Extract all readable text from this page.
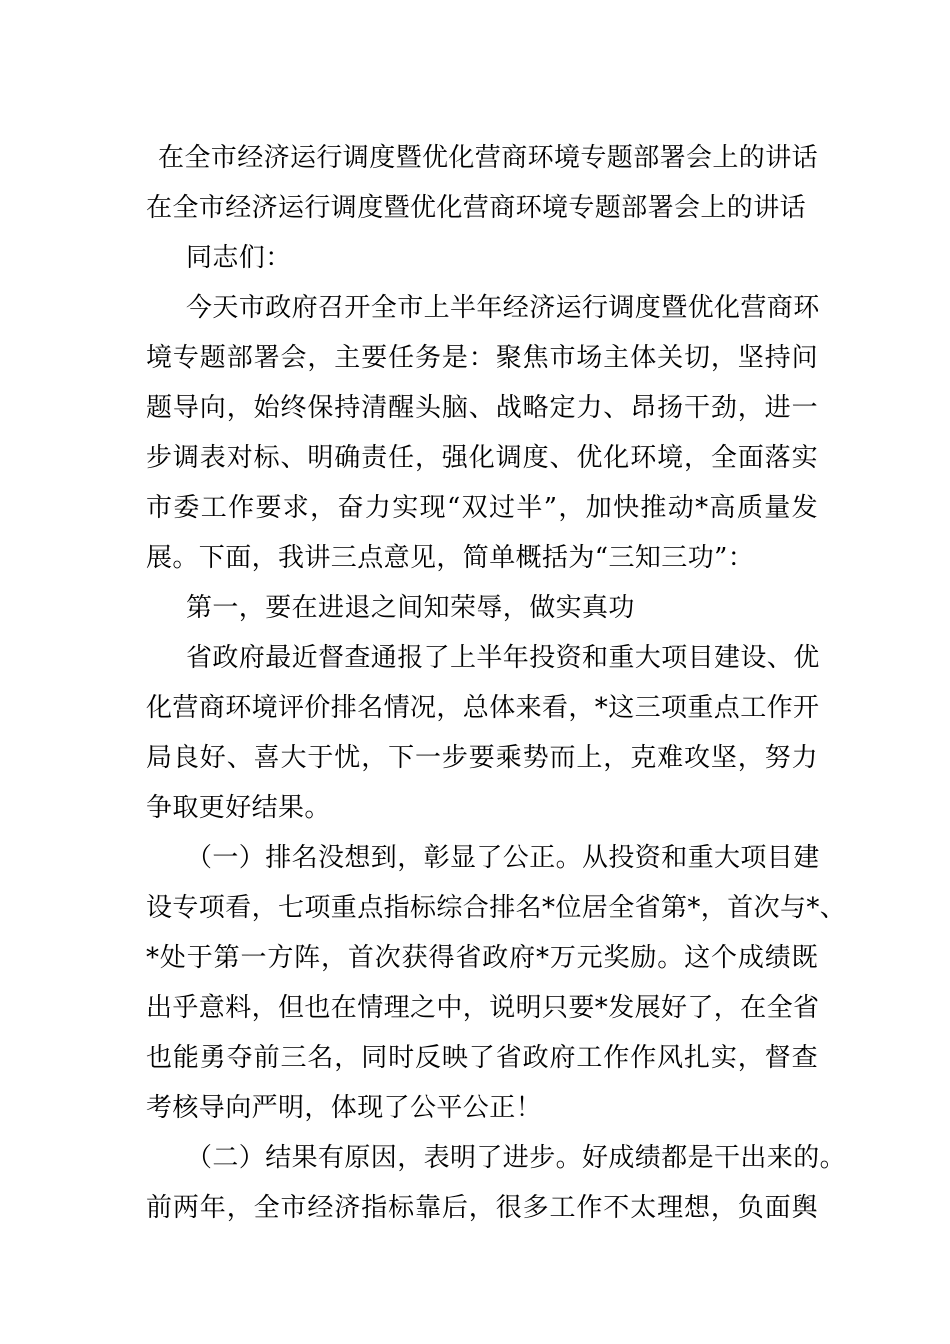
在全市经济运行调度暨优化营商环境专题部署会上的讲话
在全市经济运行调度暨优化营商环境专题部署会上的讲话
同志们：
今天市政府召开全市上半年经济运行调度暨优化营商环
境专题部署会，主要任务是：聚焦市场主体关切，坚持问
题导向，始终保持清醒头脑、战略定力、昂扬干劲，进一
步调表对标、明确责任，强化调度、优化环境，全面落实
市委工作要求，奋力实现“双过半”，加快推动*高质量发
展。下面，我讲三点意见，简单概括为“三知三功”：
第一，要在进退之间知荣辱，做实真功
省政府最近督查通报了上半年投资和重大项目建设、优
化营商环境评价排名情况，总体来看，*这三项重点工作开
局良好、喜大于忧，下一步要乘势而上，克难攻坚，努力
争取更好结果。
（一）排名没想到，彰显了公正。从投资和重大项目建
设专项看，七项重点指标综合排名*位居全省第*，首次与*、
*处于第一方阵，首次获得省政府*万元奖励。这个成绩既
出乎意料，但也在情理之中，说明只要*发展好了，在全省
也能勇夺前三名，同时反映了省政府工作作风扎实，督查
考核导向严明，体现了公平公正！
（二）结果有原因，表明了进步。好成绩都是干出来的。
前两年，全市经济指标靠后，很多工作不太理想，负面舆
